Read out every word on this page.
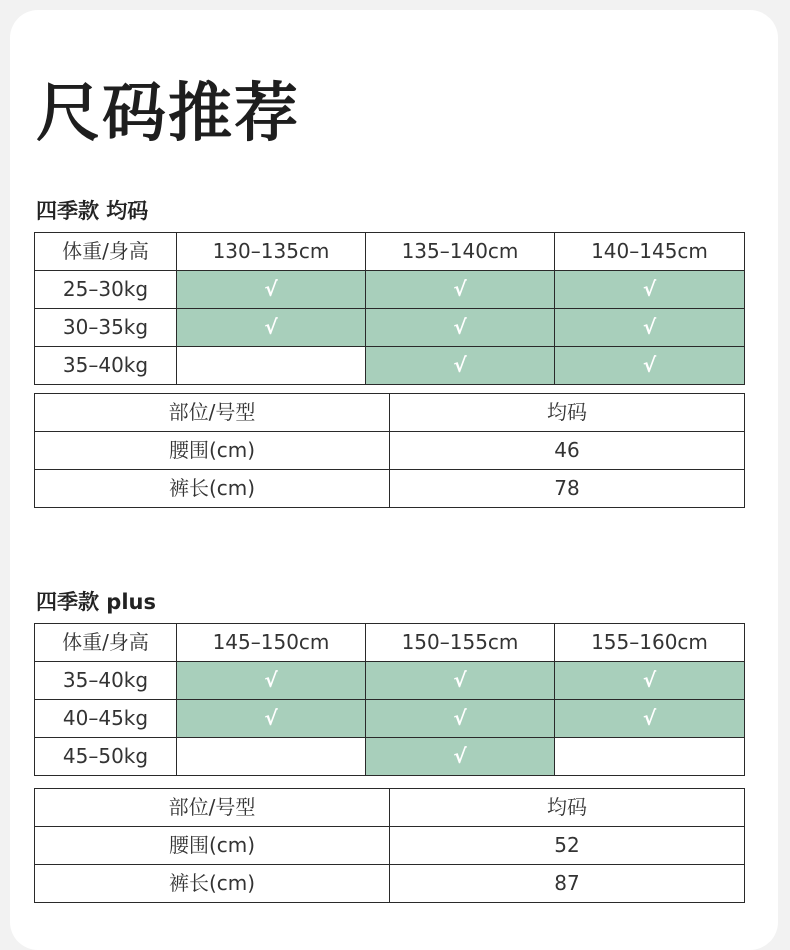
尺码推荐
四季款 均码
体重/身高	130–135cm	135–140cm	140–145cm
25–30kg	√	√	√
30–35kg	√	√	√
35–40kg		√	√
部位/号型	均码
腰围(cm)	46
裤长(cm)	78
四季款 plus
体重/身高	145–150cm	150–155cm	155–160cm
35–40kg	√	√	√
40–45kg	√	√	√
45–50kg		√	
部位/号型	均码
腰围(cm)	52
裤长(cm)	87
